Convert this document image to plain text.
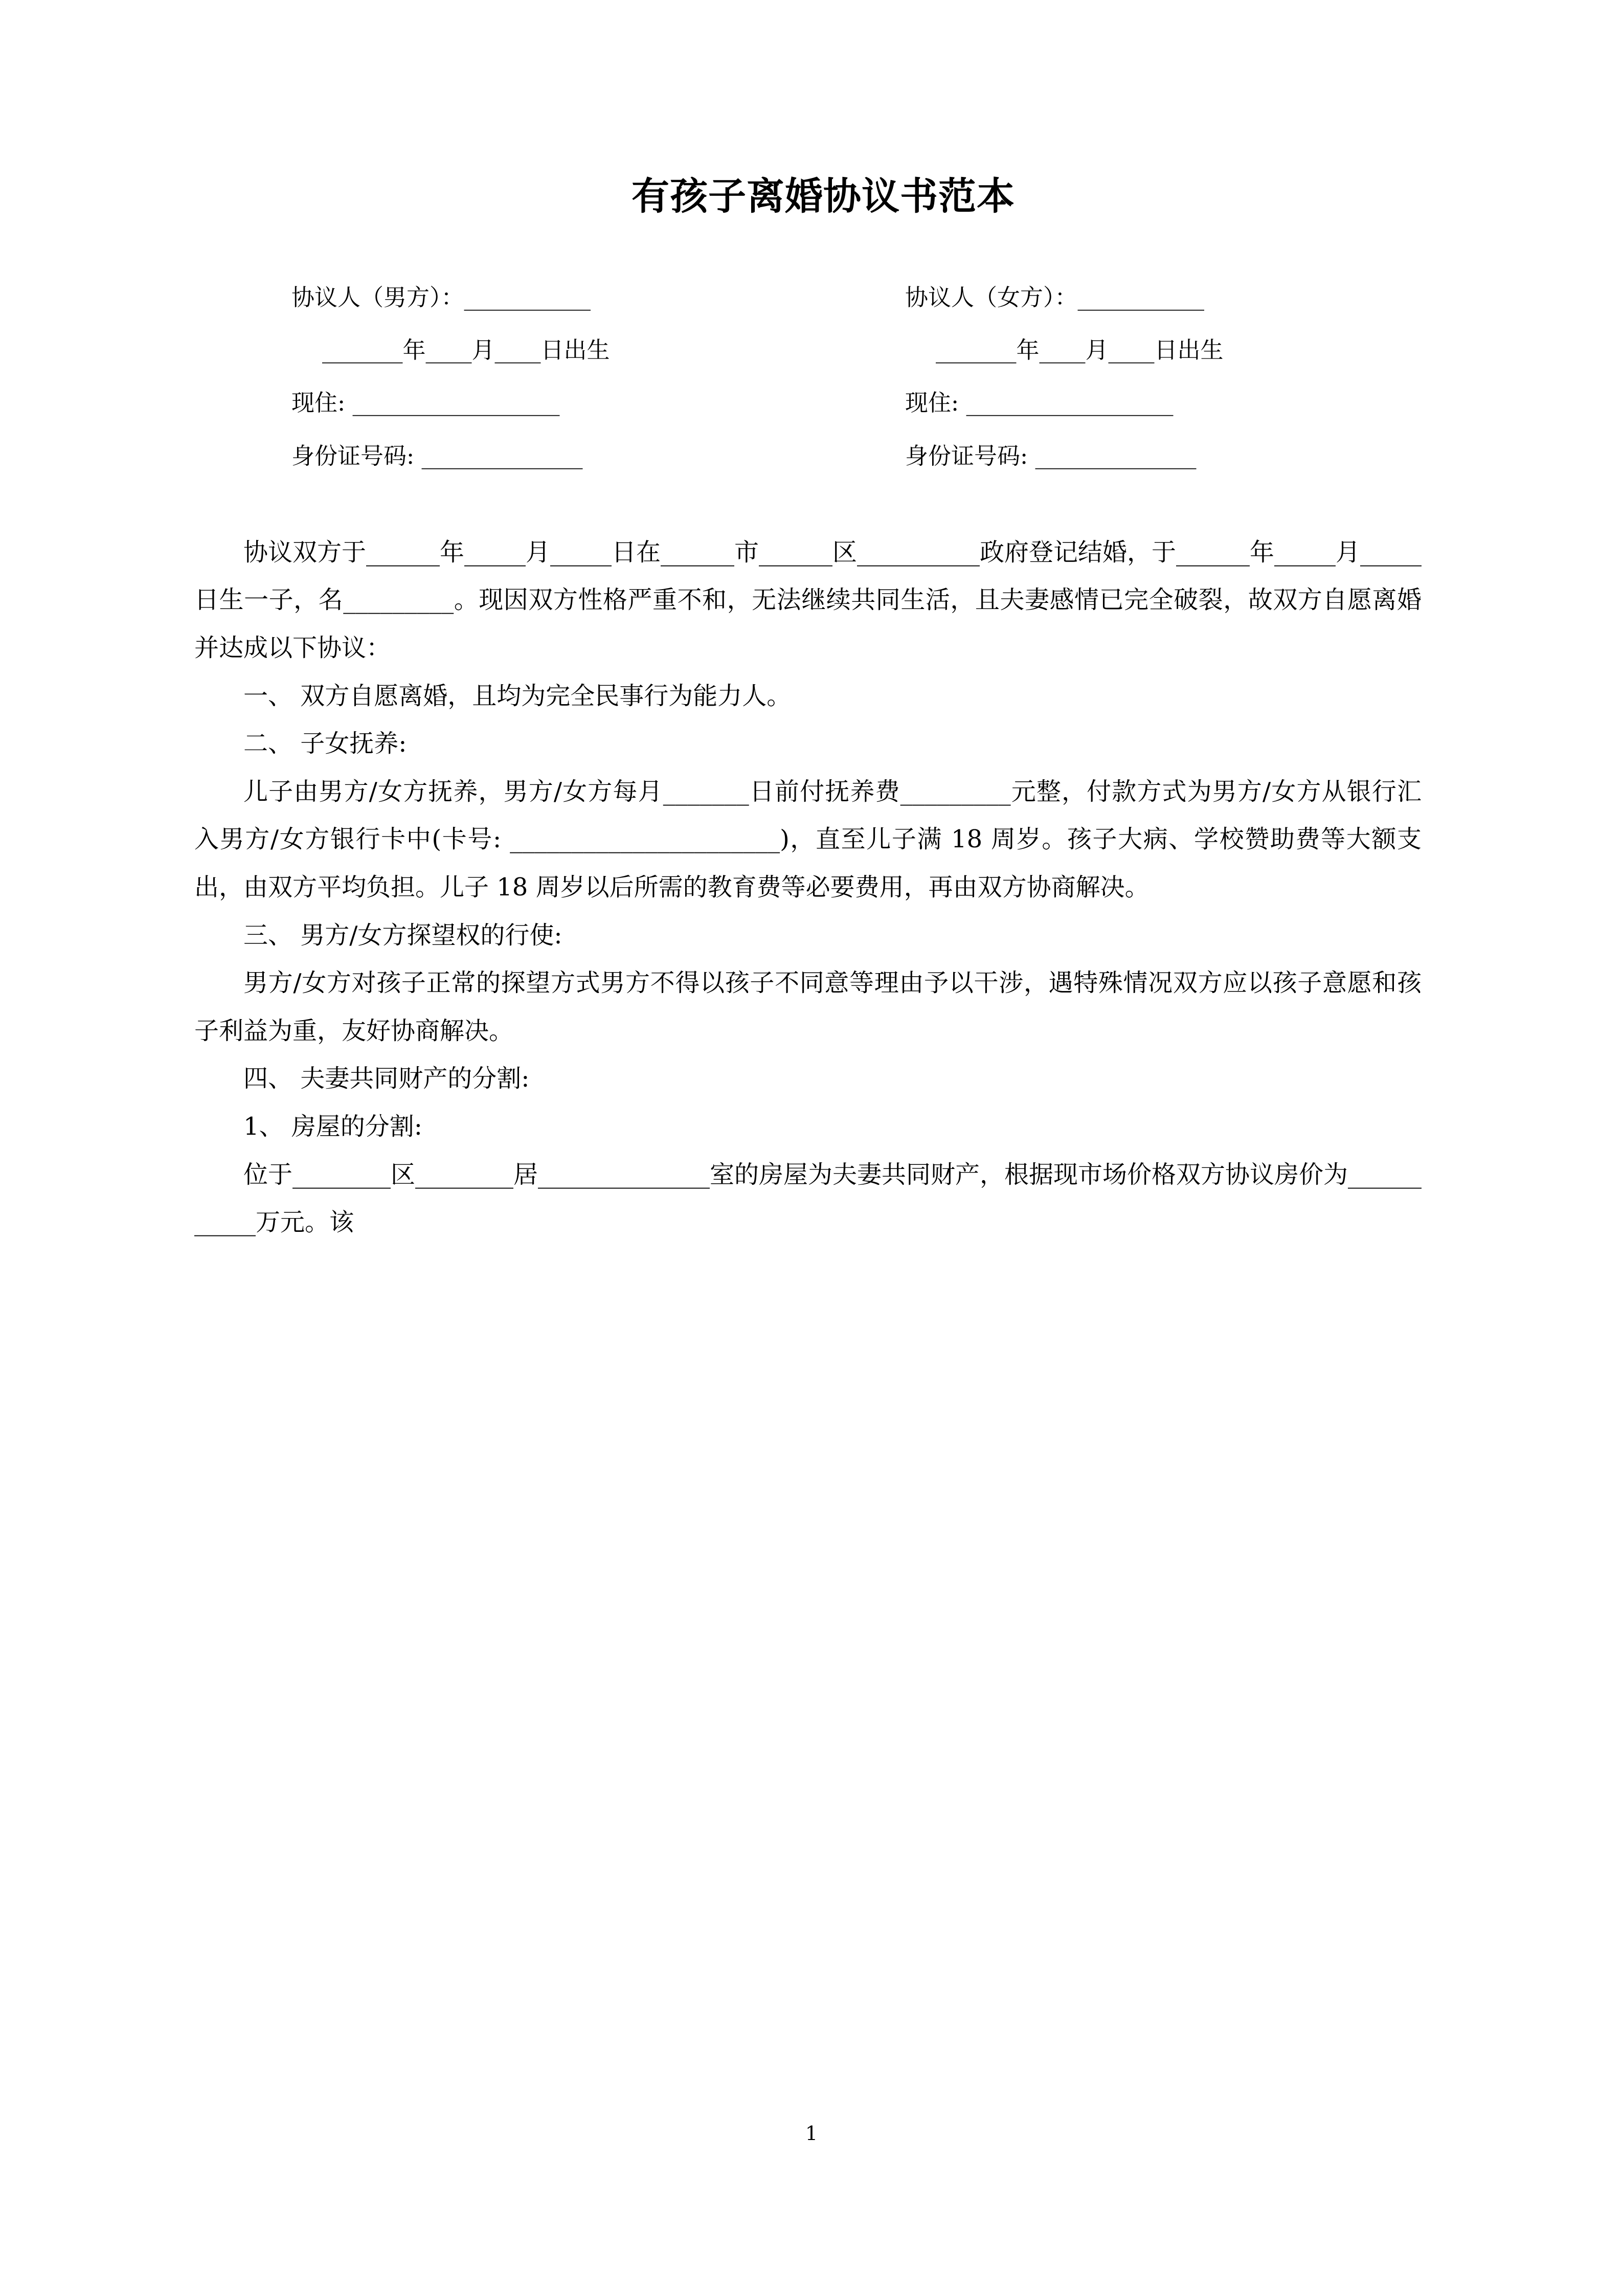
有孩子离婚协议书范本
协议人（男方）：___________	协议人（女方）：___________
_______年____月____日出生	_______年____月____日出生
现住: __________________	现住: __________________
身份证号码: ______________	身份证号码: ______________

协议双方于______年_____月_____日在______市______区__________政府登记结婚，于______年_____月_____日生一子，名_________。现因双方性格严重不和，无法继续共同生活，且夫妻感情已完全破裂，故双方自愿离婚并达成以下协议：

一、 双方自愿离婚，且均为完全民事行为能力人。

二、 子女抚养:

儿子由男方/女方抚养，男方/女方每月_______日前付抚养费_________元整，付款方式为男方/女方从银行汇入男方/女方银行卡中(卡号: ______________________)，直至儿子满 18 周岁。孩子大病、学校赞助费等大额支出，由双方平均负担。儿子 18 周岁以后所需的教育费等必要费用，再由双方协商解决。

三、 男方/女方探望权的行使:

男方/女方对孩子正常的探望方式男方不得以孩子不同意等理由予以干涉，遇特殊情况双方应以孩子意愿和孩子利益为重，友好协商解决。

四、 夫妻共同财产的分割:

1、 房屋的分割:

位于________区________居______________室的房屋为夫妻共同财产，根据现市场价格双方协议房价为___________万元。该

1
